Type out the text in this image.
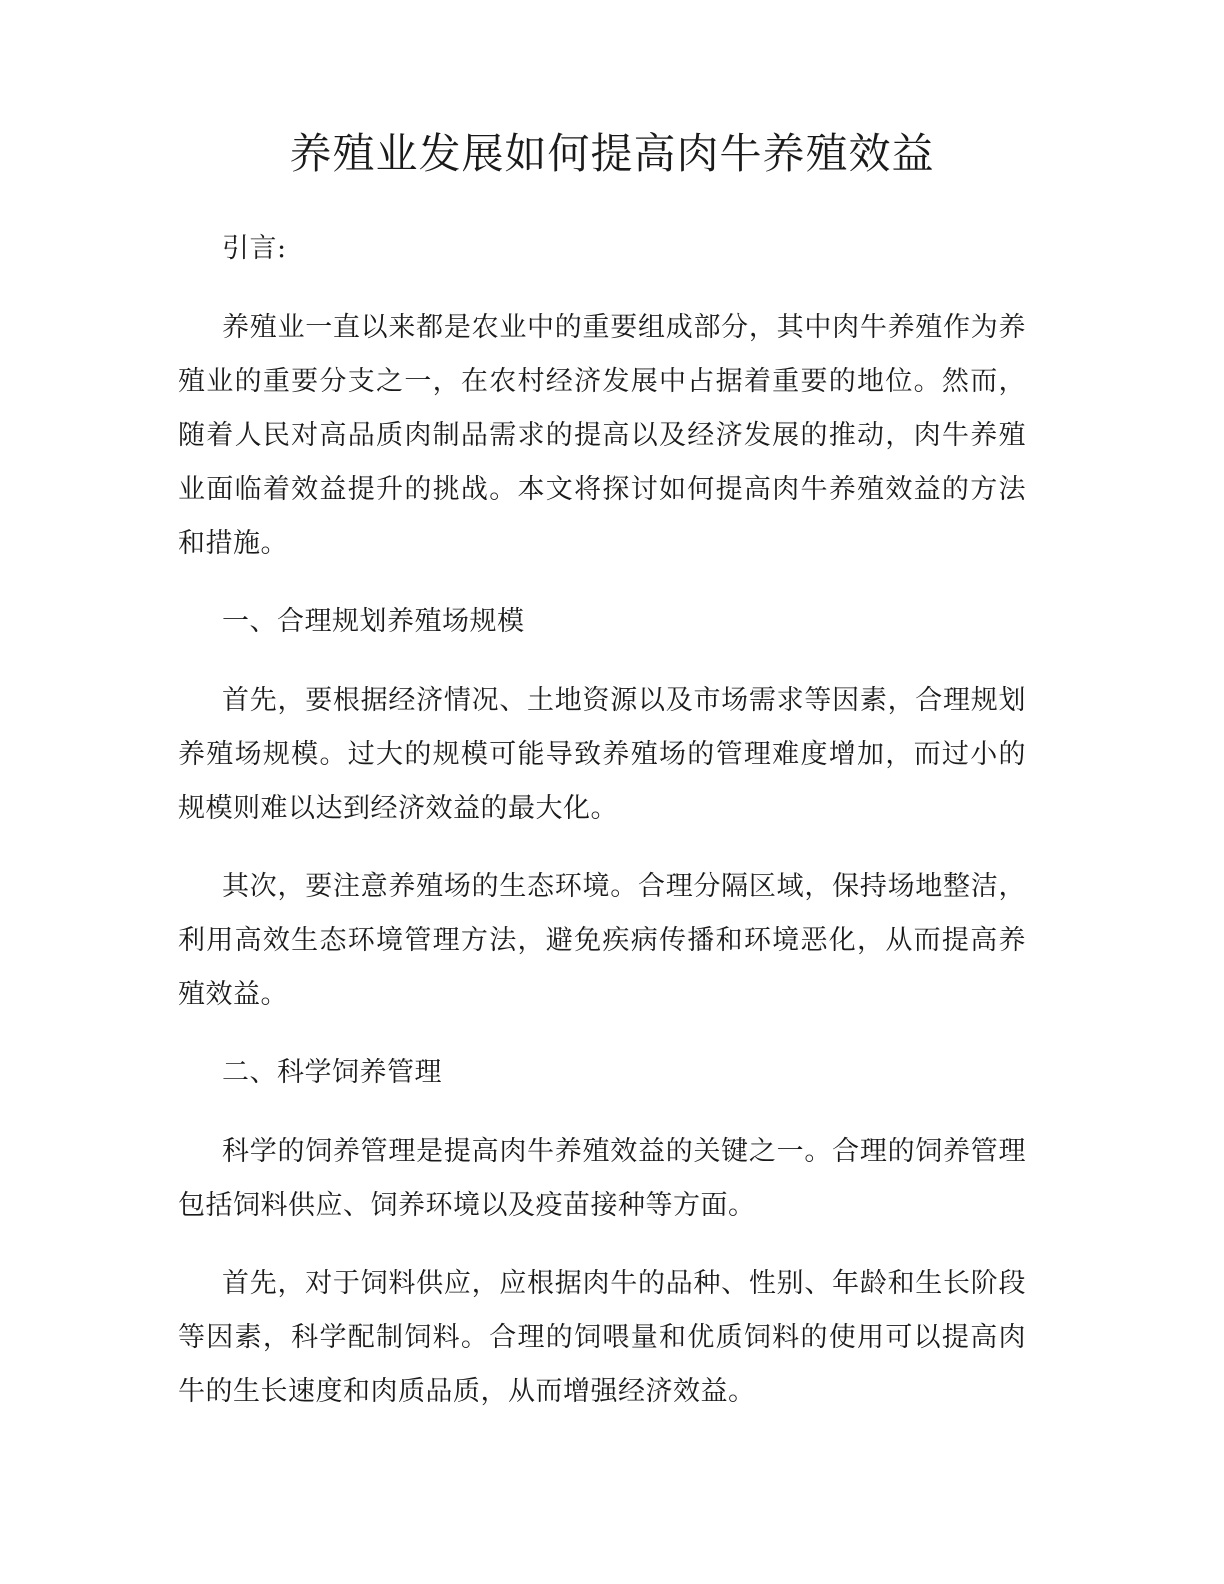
养殖业发展如何提高肉牛养殖效益

引言:

养殖业一直以来都是农业中的重要组成部分，其中肉牛养殖作为养殖业的重要分支之一，在农村经济发展中占据着重要的地位。然而，随着人民对高品质肉制品需求的提高以及经济发展的推动，肉牛养殖业面临着效益提升的挑战。本文将探讨如何提高肉牛养殖效益的方法和措施。

一、合理规划养殖场规模

首先，要根据经济情况、土地资源以及市场需求等因素，合理规划养殖场规模。过大的规模可能导致养殖场的管理难度增加，而过小的规模则难以达到经济效益的最大化。

其次，要注意养殖场的生态环境。合理分隔区域，保持场地整洁，利用高效生态环境管理方法，避免疾病传播和环境恶化，从而提高养殖效益。

二、科学饲养管理

科学的饲养管理是提高肉牛养殖效益的关键之一。合理的饲养管理包括饲料供应、饲养环境以及疫苗接种等方面。

首先，对于饲料供应，应根据肉牛的品种、性别、年龄和生长阶段等因素，科学配制饲料。合理的饲喂量和优质饲料的使用可以提高肉牛的生长速度和肉质品质，从而增强经济效益。
